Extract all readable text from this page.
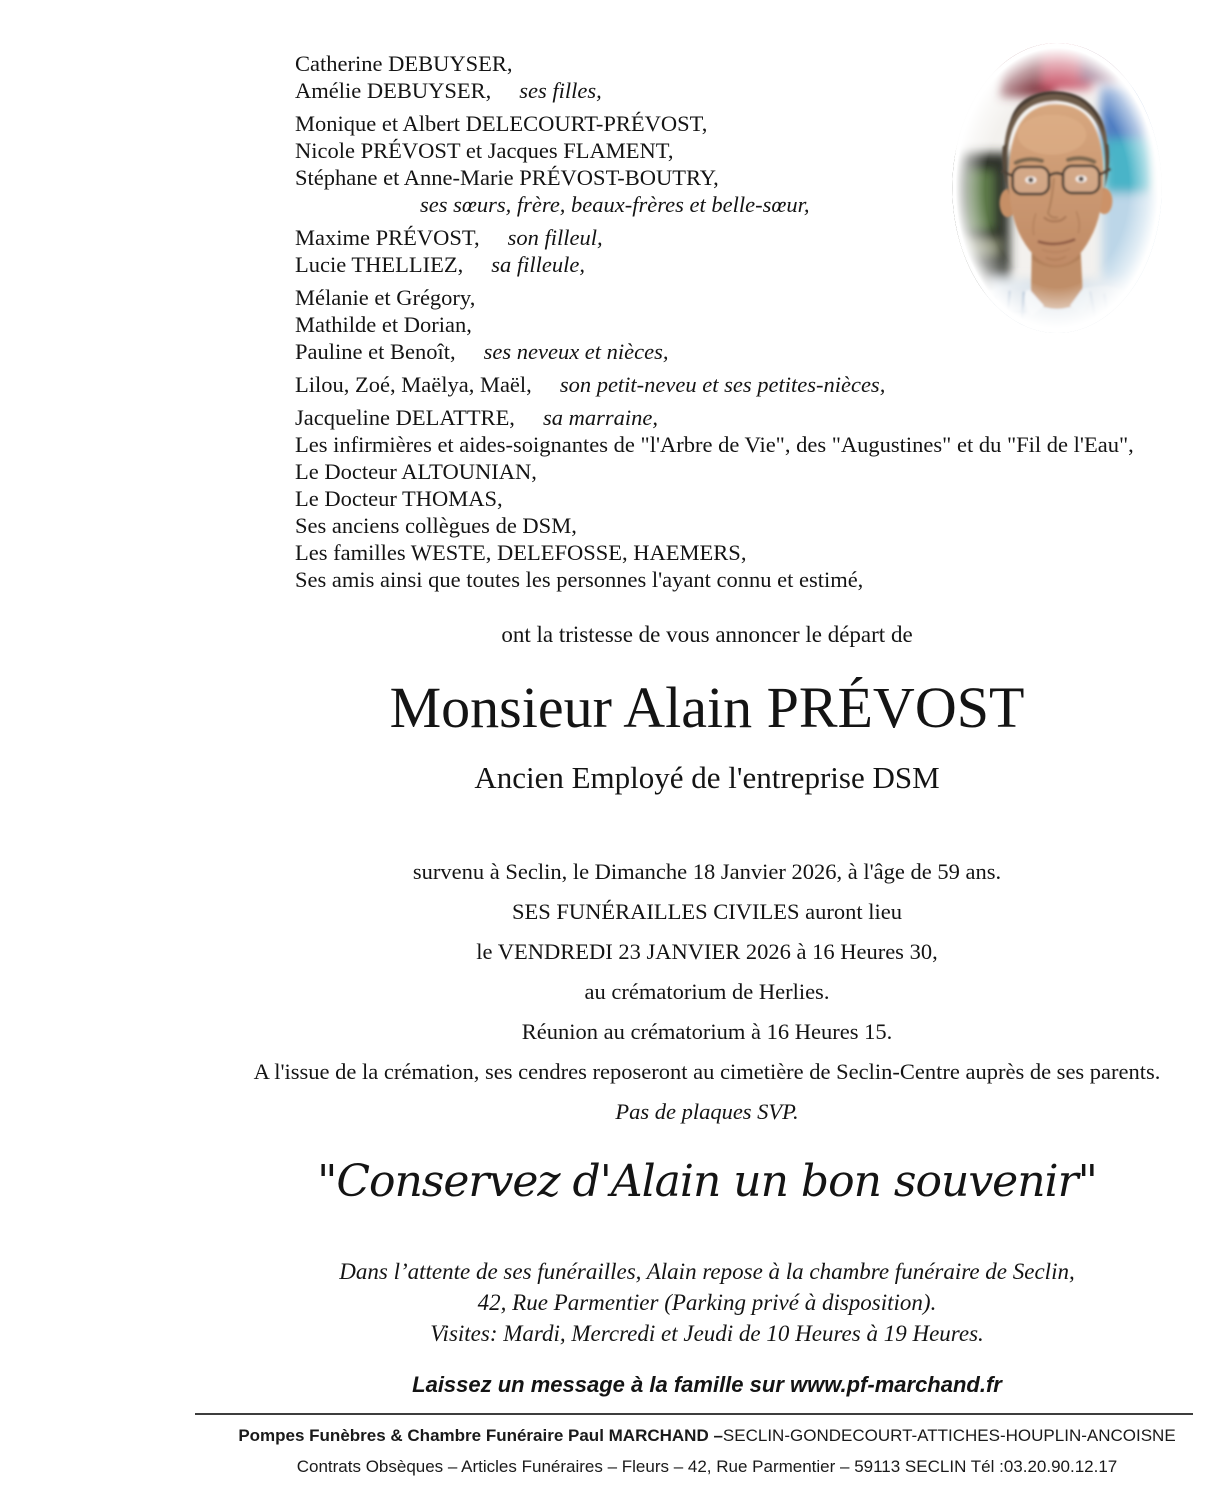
Catherine DEBUYSER,
Amélie DEBUYSER, ses filles,
Monique et Albert DELECOURT-PRÉVOST,
Nicole PRÉVOST et Jacques FLAMENT,
Stéphane et Anne-Marie PRÉVOST-BOUTRY,
ses sœurs, frère, beaux-frères et belle-sœur,
Maxime PRÉVOST, son filleul,
Lucie THELLIEZ, sa filleule,
Mélanie et Grégory,
Mathilde et Dorian,
Pauline et Benoît, ses neveux et nièces,
Lilou, Zoé, Maëlya, Maël, son petit-neveu et ses petites-nièces,
Jacqueline DELATTRE, sa marraine,
Les infirmières et aides-soignantes de "l'Arbre de Vie", des "Augustines" et du "Fil de l'Eau",
Le Docteur ALTOUNIAN,
Le Docteur THOMAS,
Ses anciens collègues de DSM,
Les familles WESTE, DELEFOSSE, HAEMERS,
Ses amis ainsi que toutes les personnes l'ayant connu et estimé,

ont la tristesse de vous annoncer le départ de

Monsieur Alain PRÉVOST

Ancien Employé de l'entreprise DSM

survenu à Seclin, le Dimanche 18 Janvier 2026, à l'âge de 59 ans.

SES FUNÉRAILLES CIVILES auront lieu

le VENDREDI 23 JANVIER 2026 à 16 Heures 30,

au crématorium de Herlies.

Réunion au crématorium à 16 Heures 15.

A l'issue de la crémation, ses cendres reposeront au cimetière de Seclin-Centre auprès de ses parents.

Pas de plaques SVP.

"Conservez d'Alain un bon souvenir"

Dans l’attente de ses funérailles, Alain repose à la chambre funéraire de Seclin,

42, Rue Parmentier (Parking privé à disposition).

Visites: Mardi, Mercredi et Jeudi de 10 Heures à 19 Heures.

Laissez un message à la famille sur www.pf-marchand.fr

Pompes Funèbres & Chambre Funéraire Paul MARCHAND –SECLIN-GONDECOURT-ATTICHES-HOUPLIN-ANCOISNE

Contrats Obsèques – Articles Funéraires – Fleurs – 42, Rue Parmentier – 59113 SECLIN Tél :03.20.90.12.17
